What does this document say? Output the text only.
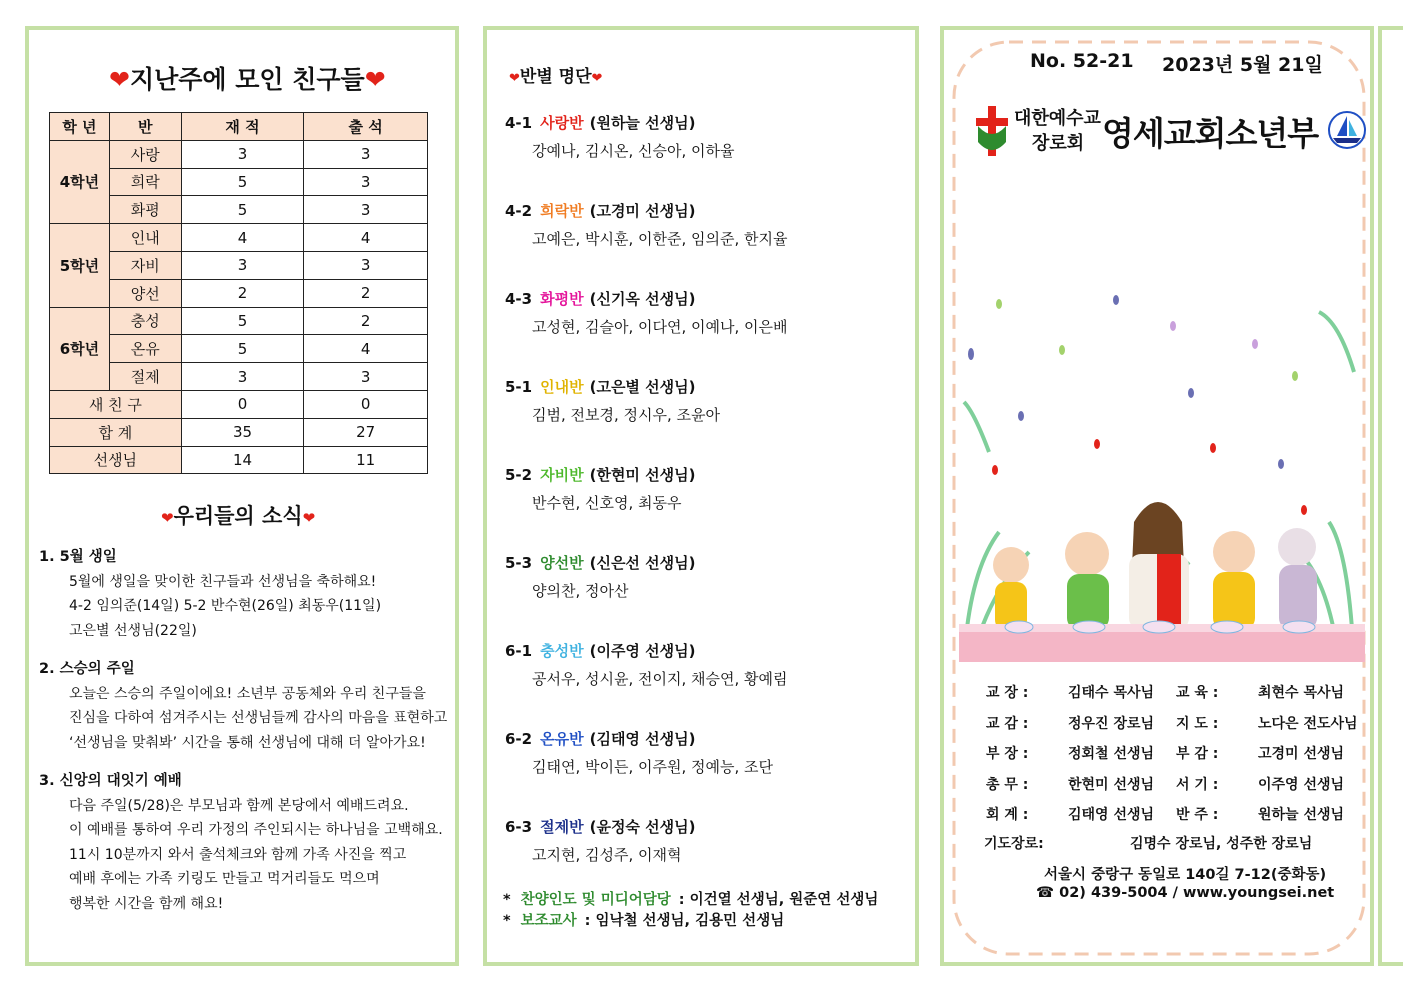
❤지난주에 모인 친구들❤
학 년	반	재 적	출 석
4학년	사랑	3	3
	희락	5	3
	화평	5	3
5학년	인내	4	4
	자비	3	3
	양선	2	2
6학년	충성	5	2
	온유	5	4
	절제	3	3
새 친 구		0	0
합 계		35	27
선생님		14	11
❤우리들의 소식❤
1. 5월 생일
5월에 생일을 맞이한 친구들과 선생님을 축하해요!
4-2 임의준(14일) 5-2 반수현(26일) 최동우(11일)
고은별 선생님(22일)
2. 스승의 주일
오늘은 스승의 주일이에요! 소년부 공동체와 우리 친구들을
진심을 다하여 섬겨주시는 선생님들께 감사의 마음을 표현하고
‘선생님을 맞춰봐’ 시간을 통해 선생님에 대해 더 알아가요!
3. 신앙의 대잇기 예배
다음 주일(5/28)은 부모님과 함께 본당에서 예배드려요.
이 예배를 통하여 우리 가정의 주인되시는 하나님을 고백해요.
11시 10분까지 와서 출석체크와 함께 가족 사진을 찍고
예배 후에는 가족 키링도 만들고 먹거리들도 먹으며
행복한 시간을 함께 해요!
❤반별 명단❤
4-1 사랑반 (원하늘 선생님)
강예나, 김시온, 신승아, 이하율
4-2 희락반 (고경미 선생님)
고예은, 박시훈, 이한준, 임의준, 한지율
4-3 화평반 (신기옥 선생님)
고성현, 김슬아, 이다연, 이예나, 이은배
5-1 인내반 (고은별 선생님)
김범, 전보경, 정시우, 조윤아
5-2 자비반 (한현미 선생님)
반수현, 신호영, 최동우
5-3 양선반 (신은선 선생님)
양의찬, 정아산
6-1 충성반 (이주영 선생님)
공서우, 성시윤, 전이지, 채승연, 황예림
6-2 온유반 (김태영 선생님)
김태연, 박이든, 이주원, 정예능, 조단
6-3 절제반 (윤정숙 선생님)
고지현, 김성주, 이재혁
* 찬양인도 및 미디어담당 : 이건열 선생님, 원준연 선생님
* 보조교사 : 임낙철 선생님, 김용민 선생님
No. 52-21 2023년 5월 21일
대한예수교
장로회 영세교회소년부
교 장 :	김태수 목사님 교 육 :	최현수 목사님
교 감 :	정우진 장로님 지 도 :	노다은 전도사님
부 장 :	정회철 선생님 부 감 :	고경미 선생님
총 무 :	한현미 선생님 서 기 :	이주영 선생님
회 계 :	김태영 선생님 반 주 :	원하늘 선생님
기도장로:	김명수 장로님, 성주한 장로님
서울시 중랑구 동일로 140길 7-12(중화동)
☎ 02) 439-5004 / www.youngsei.net
